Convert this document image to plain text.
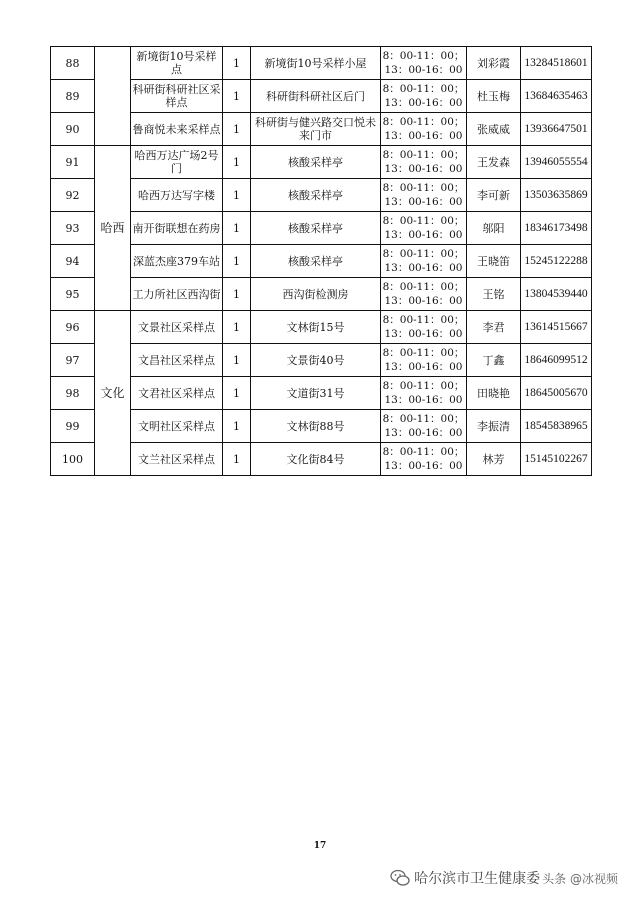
88		新境街10号采样点	1	新境街10号采样小屋	8：00-11：00；
13：00-16：00	刘彩霞	13284518601
89		科研街科研社区采样点	1	科研街科研社区后门	8：00-11：00；
13：00-16：00	杜玉梅	13684635463
90		鲁商悦未来采样点	1	科研街与健兴路交口悦未来门市	8：00-11：00；
13：00-16：00	张威威	13936647501
91	哈西	哈西万达广场2号门	1	核酸采样亭	8：00-11：00；
13：00-16：00	王发森	13946055554
92		哈西万达写字楼	1	核酸采样亭	8：00-11：00；
13：00-16：00	李可新	13503635869
93		南开街联想在药房	1	核酸采样亭	8：00-11：00；
13：00-16：00	邬阳	18346173498
94		深蓝杰座379车站	1	核酸采样亭	8：00-11：00；
13：00-16：00	王晓笛	15245122288
95		工力所社区西沟街	1	西沟街检测房	8：00-11：00；
13：00-16：00	王铭	13804539440
96	文化	文景社区采样点	1	文林街15号	8：00-11：00；
13：00-16：00	李君	13614515667
97		文昌社区采样点	1	文景街40号	8：00-11：00；
13：00-16：00	丁鑫	18646099512
98		文君社区采样点	1	文道街31号	8：00-11：00；
13：00-16：00	田晓艳	18645005670
99		文明社区采样点	1	文林街88号	8：00-11：00；
13：00-16：00	李振清	18545838965
100		文兰社区采样点	1	文化街84号	8：00-11：00；
13：00-16：00	林芳	15145102267
17
哈尔滨市卫生健康委 头条 @冰视频
